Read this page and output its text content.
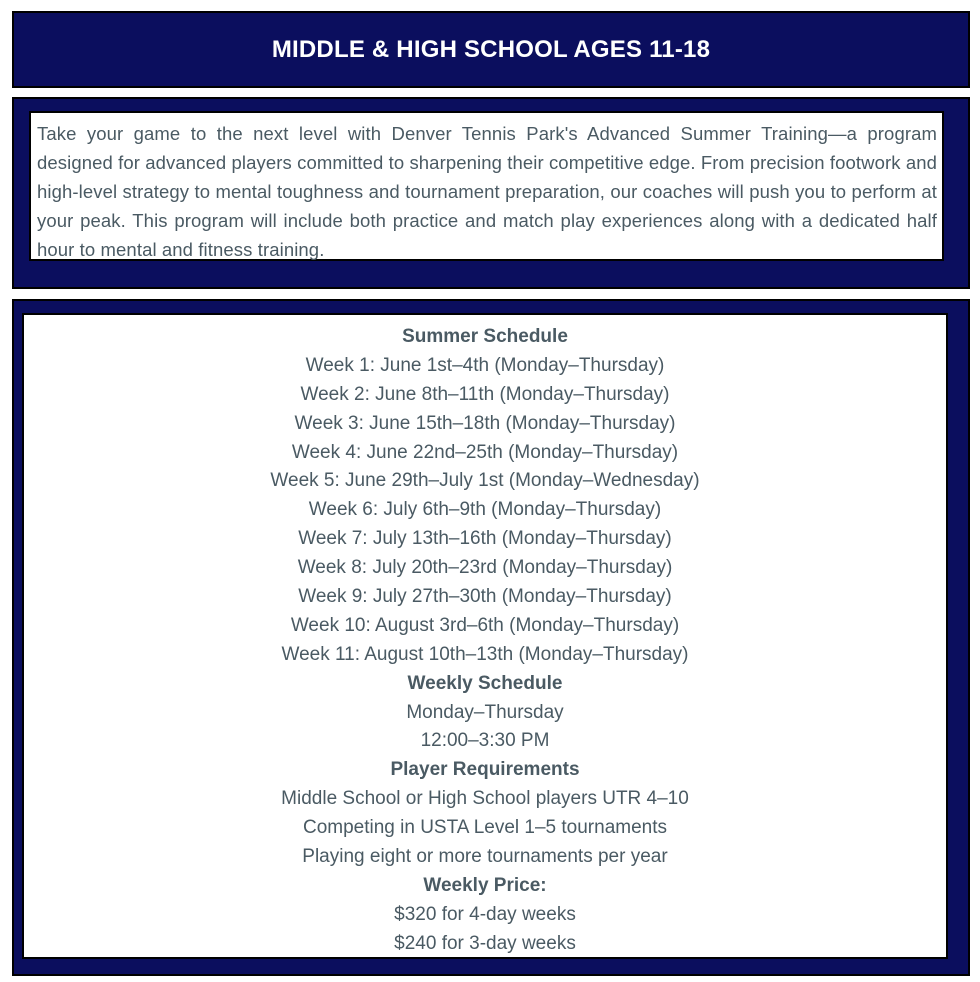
MIDDLE & HIGH SCHOOL AGES 11-18

Take your game to the next level with Denver Tennis Park's Advanced Summer Training—a program designed for advanced players committed to sharpening their competitive edge. From precision footwork and high-level strategy to mental toughness and tournament preparation, our coaches will push you to perform at your peak. This program will include both practice and match play experiences along with a dedicated half hour to mental and fitness training.

Summer Schedule
Week 1: June 1st–4th (Monday–Thursday)
Week 2: June 8th–11th (Monday–Thursday)
Week 3: June 15th–18th (Monday–Thursday)
Week 4: June 22nd–25th (Monday–Thursday)
Week 5: June 29th–July 1st (Monday–Wednesday)
Week 6: July 6th–9th (Monday–Thursday)
Week 7: July 13th–16th (Monday–Thursday)
Week 8: July 20th–23rd (Monday–Thursday)
Week 9: July 27th–30th (Monday–Thursday)
Week 10: August 3rd–6th (Monday–Thursday)
Week 11: August 10th–13th (Monday–Thursday)
Weekly Schedule
Monday–Thursday
12:00–3:30 PM
Player Requirements
Middle School or High School players UTR 4–10
Competing in USTA Level 1–5 tournaments
Playing eight or more tournaments per year
Weekly Price:
$320 for 4-day weeks
$240 for 3-day weeks
